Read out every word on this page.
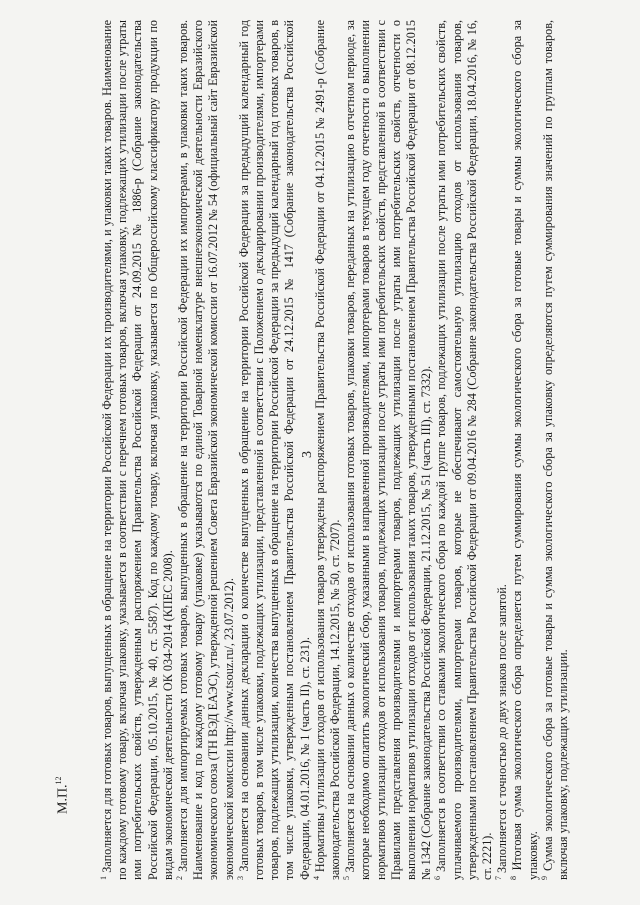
М.П.$^{12}$
3

$^1$ Заполняется для готовых товаров, выпущенных в обращение на территории Российской Федерации их производителями, и упаковки таких товаров. Наименование по каждому готовому товару, включая упаковку, указывается в соответствии с перечнем готовых товаров, включая упаковку, подлежащих утилизации после утраты ими потребительских свойств, утвержденным распоряжением Правительства Российской Федерации от 24.09.2015 № 1886-р (Собрание законодательства Российской Федерации, 05.10.2015, № 40, ст. 5587). Код по каждому товару, включая упаковку, указывается по Общероссийскому классификатору продукции по видам экономической деятельности ОК 034-2014 (КПЕС 2008). $^2$ Заполняется для импортируемых готовых товаров, выпущенных в обращение на территории Российской Федерации их импортерами, в упаковки таких товаров. Наименование и код по каждому готовому товару (упаковке) указываются по единой Товарной номенклатуре внешнеэкономической деятельности Евразийского экономического союза (ТН ВЭД ЕАЭС), утвержденной решением Совета Евразийской экономической комиссии от 16.07.2012 № 54 (официальный сайт Евразийской экономической комиссии http://www.tsouz.ru/, 23.07.2012). $^3$ Заполняется на основании данных декларации о количестве выпущенных в обращение на территории Российской Федерации за предыдущий календарный год готовых товаров, в том числе упаковки, подлежащих утилизации, представленной в соответствии с Положением о декларировании производителями, импортерами товаров, подлежащих утилизации, количества выпущенных в обращение на территории Российской Федерации за предыдущий календарный год готовых товаров, в том числе упаковки, утвержденным постановлением Правительства Российской Федерации от 24.12.2015 № 1417 (Собрание законодательства Российской Федерации, 04.01.2016, № 1 (часть II), ст. 231). $^4$ Нормативы утилизации отходов от использования товаров утверждены распоряжением Правительства Российской Федерации от 04.12.2015 № 2491-р (Собрание законодательства Российской Федерации, 14.12.2015, № 50, ст. 7207). $^5$ Заполняется на основании данных о количестве отходов от использования готовых товаров, упаковки товаров, переданных на утилизацию в отчетном периоде, за которые необходимо оплатить экологический сбор, указанными в направленной производителями, импортерами товаров в текущем году отчетности о выполнении нормативов утилизации отходов от использования товаров, подлежащих утилизации после утраты ими потребительских свойств, представленной в соответствии с Правилами представления производителями и импортерами товаров, подлежащих утилизации после утраты ими потребительских свойств, отчетности о выполнении нормативов утилизации отходов от использования таких товаров, утвержденными постановлением Правительства Российской Федерации от 08.12.2015 № 1342 (Собрание законодательства Российской Федерации, 21.12.2015, № 51 (часть III), ст. 7332). $^6$ Заполняется в соответствии со ставками экологического сбора по каждой группе товаров, подлежащих утилизации после утраты ими потребительских свойств, уплачиваемого производителями, импортерами товаров, которые не обеспечивают самостоятельную утилизацию отходов от использования товаров, утвержденными постановлением Правительства Российской Федерации от 09.04.2016 № 284 (Собрание законодательства Российской Федерации, 18.04.2016, № 16, ст. 2221). $^7$ Заполняется с точностью до двух знаков после запятой.

$^8$ Итоговая сумма экологического сбора определяется путем суммирования суммы экологического сбора за готовые товары и суммы экологического сбора за упаковку. $^9$ Сумма экологического сбора за готовые товары и сумма экологического сбора за упаковку определяются путем суммирования значений по группам товаров, включая упаковку, подлежащих утилизации.
